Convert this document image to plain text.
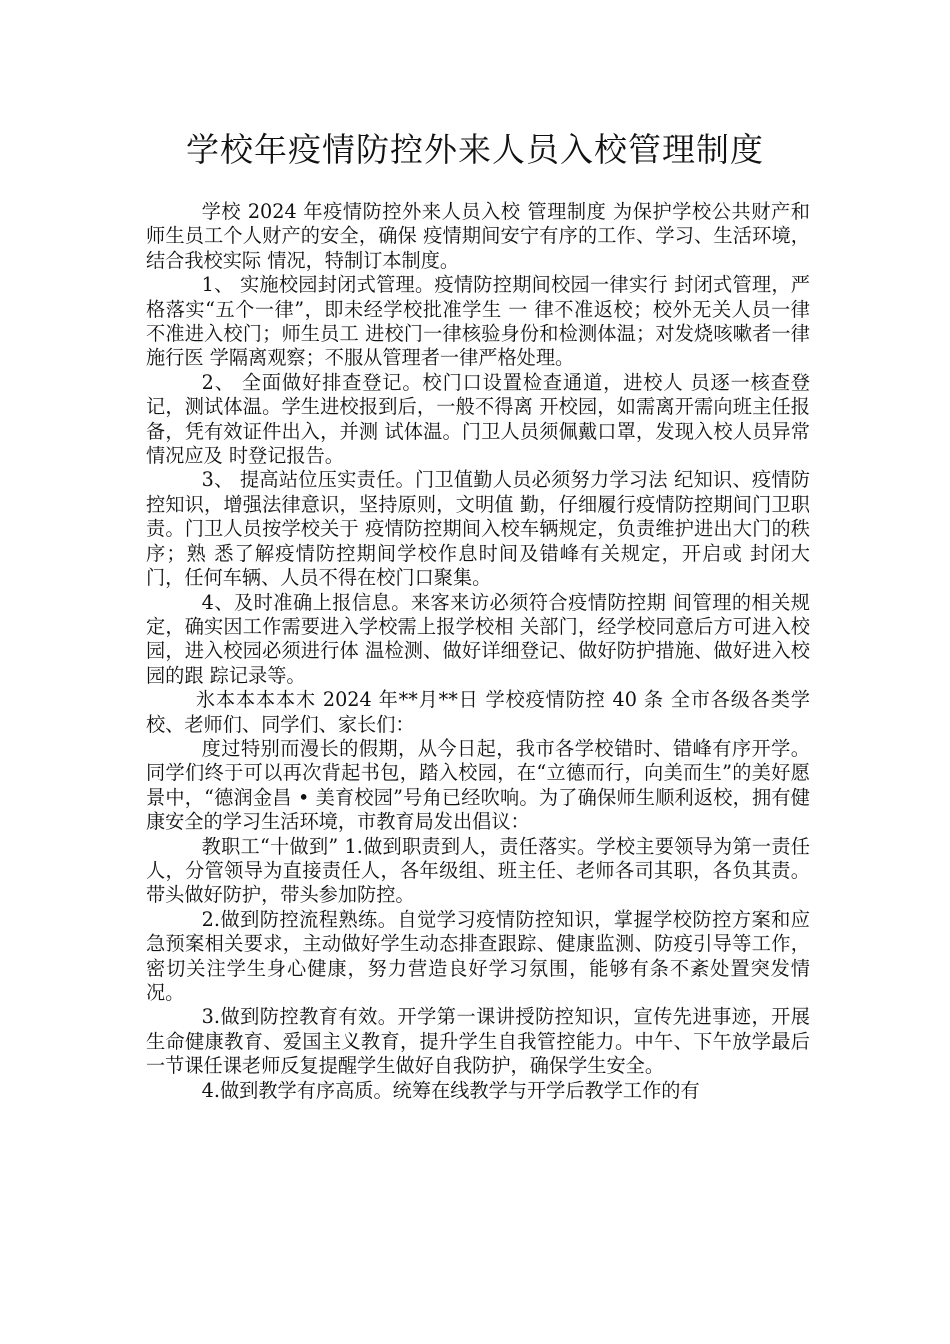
学校年疫情防控外来人员入校管理制度

学校 2024 年疫情防控外来人员入校 管理制度 为保护学校公共财产和师生员工个人财产的安全，确保 疫情期间安宁有序的工作、学习、生活环境，结合我校实际 情况，特制订本制度。

1、 实施校园封闭式管理。疫情防控期间校园一律实行 封闭式管理，严格落实“五个一律”，即未经学校批准学生 一 律不准返校；校外无关人员一律不准进入校门；师生员工 进校门一律核验身份和检测体温；对发烧咳嗽者一律施行医 学隔离观察；不服从管理者一律严格处理。

2、 全面做好排查登记。校门口设置检查通道，进校人 员逐一核查登记，测试体温。学生进校报到后，一般不得离 开校园，如需离开需向班主任报备，凭有效证件出入，并测 试体温。门卫人员须佩戴口罩，发现入校人员异常情况应及 时登记报告。

3、 提高站位压实责任。门卫值勤人员必须努力学习法 纪知识、疫情防控知识，增强法律意识，坚持原则，文明值 勤，仔细履行疫情防控期间门卫职责。门卫人员按学校关于 疫情防控期间入校车辆规定，负责维护进出大门的秩序；熟 悉了解疫情防控期间学校作息时间及错峰有关规定，开启或 封闭大门，任何车辆、人员不得在校门口聚集。

4、及时准确上报信息。来客来访必须符合疫情防控期 间管理的相关规定，确实因工作需要进入学校需上报学校相 关部门，经学校同意后方可进入校园，进入校园必须进行体 温检测、做好详细登记、做好防护措施、做好进入校园的跟 踪记录等。

氷本本本本木 2024 年**月**日 学校疫情防控 40 条 全市各级各类学校、老师们、同学们、家长们：

度过特别而漫长的假期，从今日起，我市各学校错时、错峰有序开学。同学们终于可以再次背起书包，踏入校园，在“立德而行，向美而生”的美好愿景中，“德润金昌 • 美育校园”号角已经吹响。为了确保师生顺利返校，拥有健康安全的学习生活环境，市教育局发出倡议：

教职工“十做到” 1.做到职责到人，责任落实。学校主要领导为第一责任人，分管领导为直接责任人，各年级组、班主任、老师各司其职，各负其责。带头做好防护，带头参加防控。

2.做到防控流程熟练。自觉学习疫情防控知识，掌握学校防控方案和应急预案相关要求，主动做好学生动态排查跟踪、健康监测、防疫引导等工作，密切关注学生身心健康，努力营造良好学习氛围，能够有条不紊处置突发情况。

3.做到防控教育有效。开学第一课讲授防控知识，宣传先进事迹，开展生命健康教育、爱国主义教育，提升学生自我管控能力。中午、下午放学最后一节课任课老师反复提醒学生做好自我防护，确保学生安全。

4.做到教学有序高质。统筹在线教学与开学后教学工作的有
